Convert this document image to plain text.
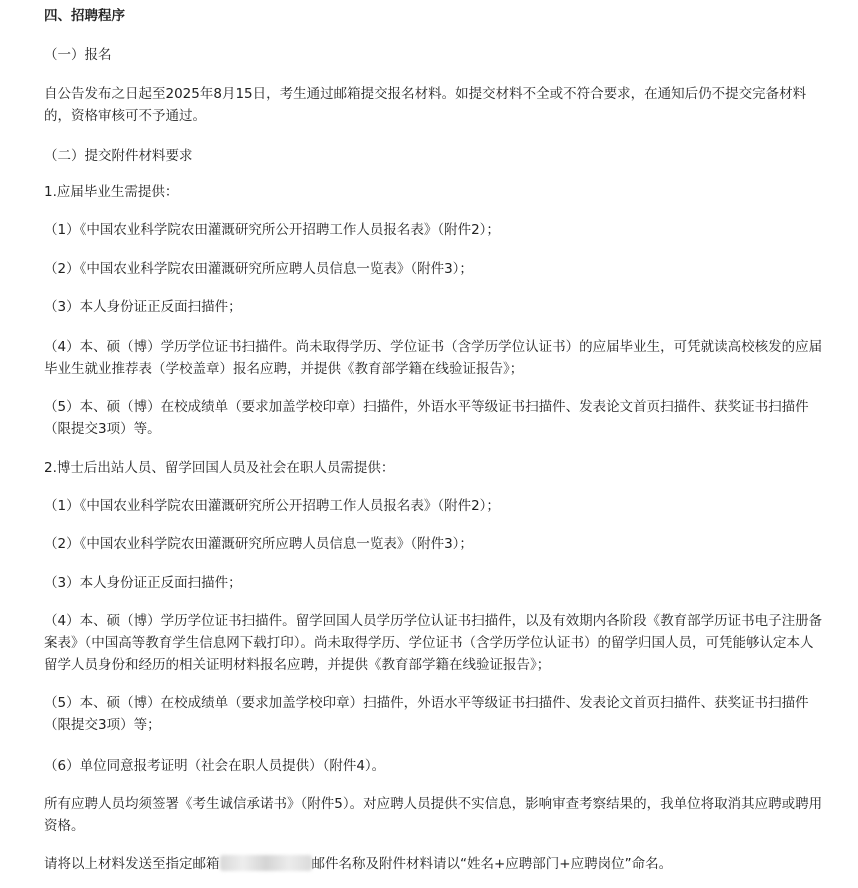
四、招聘程序

（一）报名

自公告发布之日起至2025年8月15日，考生通过邮箱提交报名材料。如提交材料不全或不符合要求，在通知后仍不提交完备材料的，资格审核可不予通过。

（二）提交附件材料要求

1.应届毕业生需提供：

（1）《中国农业科学院农田灌溉研究所公开招聘工作人员报名表》（附件2）；

（2）《中国农业科学院农田灌溉研究所应聘人员信息一览表》（附件3）；

（3）本人身份证正反面扫描件；

（4）本、硕（博）学历学位证书扫描件。尚未取得学历、学位证书（含学历学位认证书）的应届毕业生，可凭就读高校核发的应届毕业生就业推荐表（学校盖章）报名应聘，并提供《教育部学籍在线验证报告》；

（5）本、硕（博）在校成绩单（要求加盖学校印章）扫描件，外语水平等级证书扫描件、发表论文首页扫描件、获奖证书扫描件（限提交3项）等。

2.博士后出站人员、留学回国人员及社会在职人员需提供：

（1）《中国农业科学院农田灌溉研究所公开招聘工作人员报名表》（附件2）；

（2）《中国农业科学院农田灌溉研究所应聘人员信息一览表》（附件3）；

（3）本人身份证正反面扫描件；

（4）本、硕（博）学历学位证书扫描件。留学回国人员学历学位认证书扫描件，以及有效期内各阶段《教育部学历证书电子注册备案表》（中国高等教育学生信息网下载打印）。尚未取得学历、学位证书（含学历学位认证书）的留学归国人员，可凭能够认定本人留学人员身份和经历的相关证明材料报名应聘，并提供《教育部学籍在线验证报告》；

（5）本、硕（博）在校成绩单（要求加盖学校印章）扫描件，外语水平等级证书扫描件、发表论文首页扫描件、获奖证书扫描件（限提交3项）等；

（6）单位同意报考证明（社会在职人员提供）（附件4）。

所有应聘人员均须签署《考生诚信承诺书》（附件5）。对应聘人员提供不实信息，影响审查考察结果的，我单位将取消其应聘或聘用资格。

请将以上材料发送至指定邮箱	邮件名称及附件材料请以“姓名+应聘部门+应聘岗位”命名。
